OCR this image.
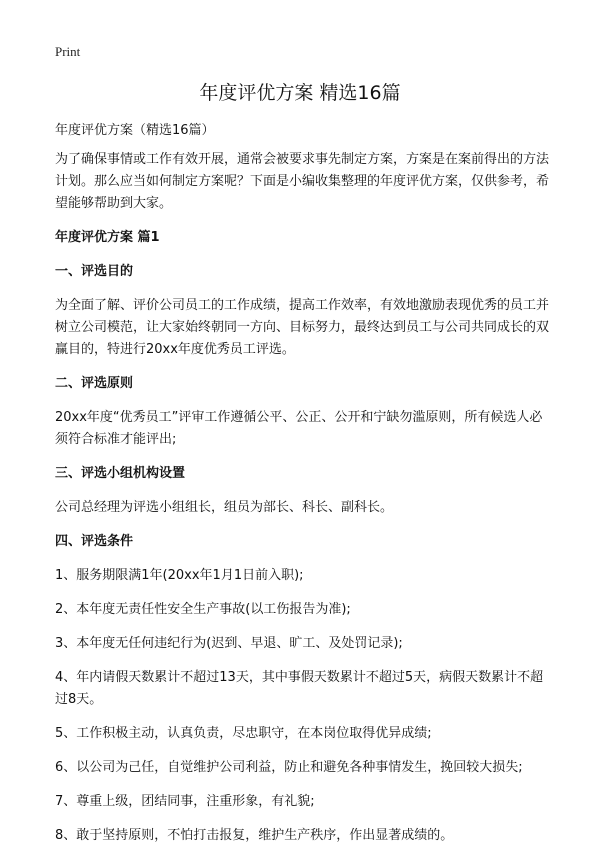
Print
年度评优方案 精选16篇

年度评优方案（精选16篇）

为了确保事情或工作有效开展，通常会被要求事先制定方案，方案是在案前得出的方法计划。那么应当如何制定方案呢？下面是小编收集整理的年度评优方案，仅供参考，希望能够帮助到大家。

年度评优方案 篇1
一、评选目的

为全面了解、评价公司员工的工作成绩，提高工作效率，有效地激励表现优秀的员工并树立公司模范，让大家始终朝同一方向、目标努力，最终达到员工与公司共同成长的双赢目的，特进行20xx年度优秀员工评选。

二、评选原则

20xx年度“优秀员工”评审工作遵循公平、公正、公开和宁缺勿滥原则，所有候选人必须符合标准才能评出;

三、评选小组机构设置

公司总经理为评选小组组长，组员为部长、科长、副科长。

四、评选条件

1、服务期限满1年(20xx年1月1日前入职);

2、本年度无责任性安全生产事故(以工伤报告为准);

3、本年度无任何违纪行为(迟到、早退、旷工、及处罚记录);

4、年内请假天数累计不超过13天，其中事假天数累计不超过5天，病假天数累计不超过8天。

5、工作积极主动，认真负责，尽忠职守，在本岗位取得优异成绩;

6、以公司为己任，自觉维护公司利益，防止和避免各种事情发生，挽回较大损失;

7、尊重上级，团结同事，注重形象，有礼貌;

8、敢于坚持原则，不怕打击报复，维护生产秩序，作出显著成绩的。
